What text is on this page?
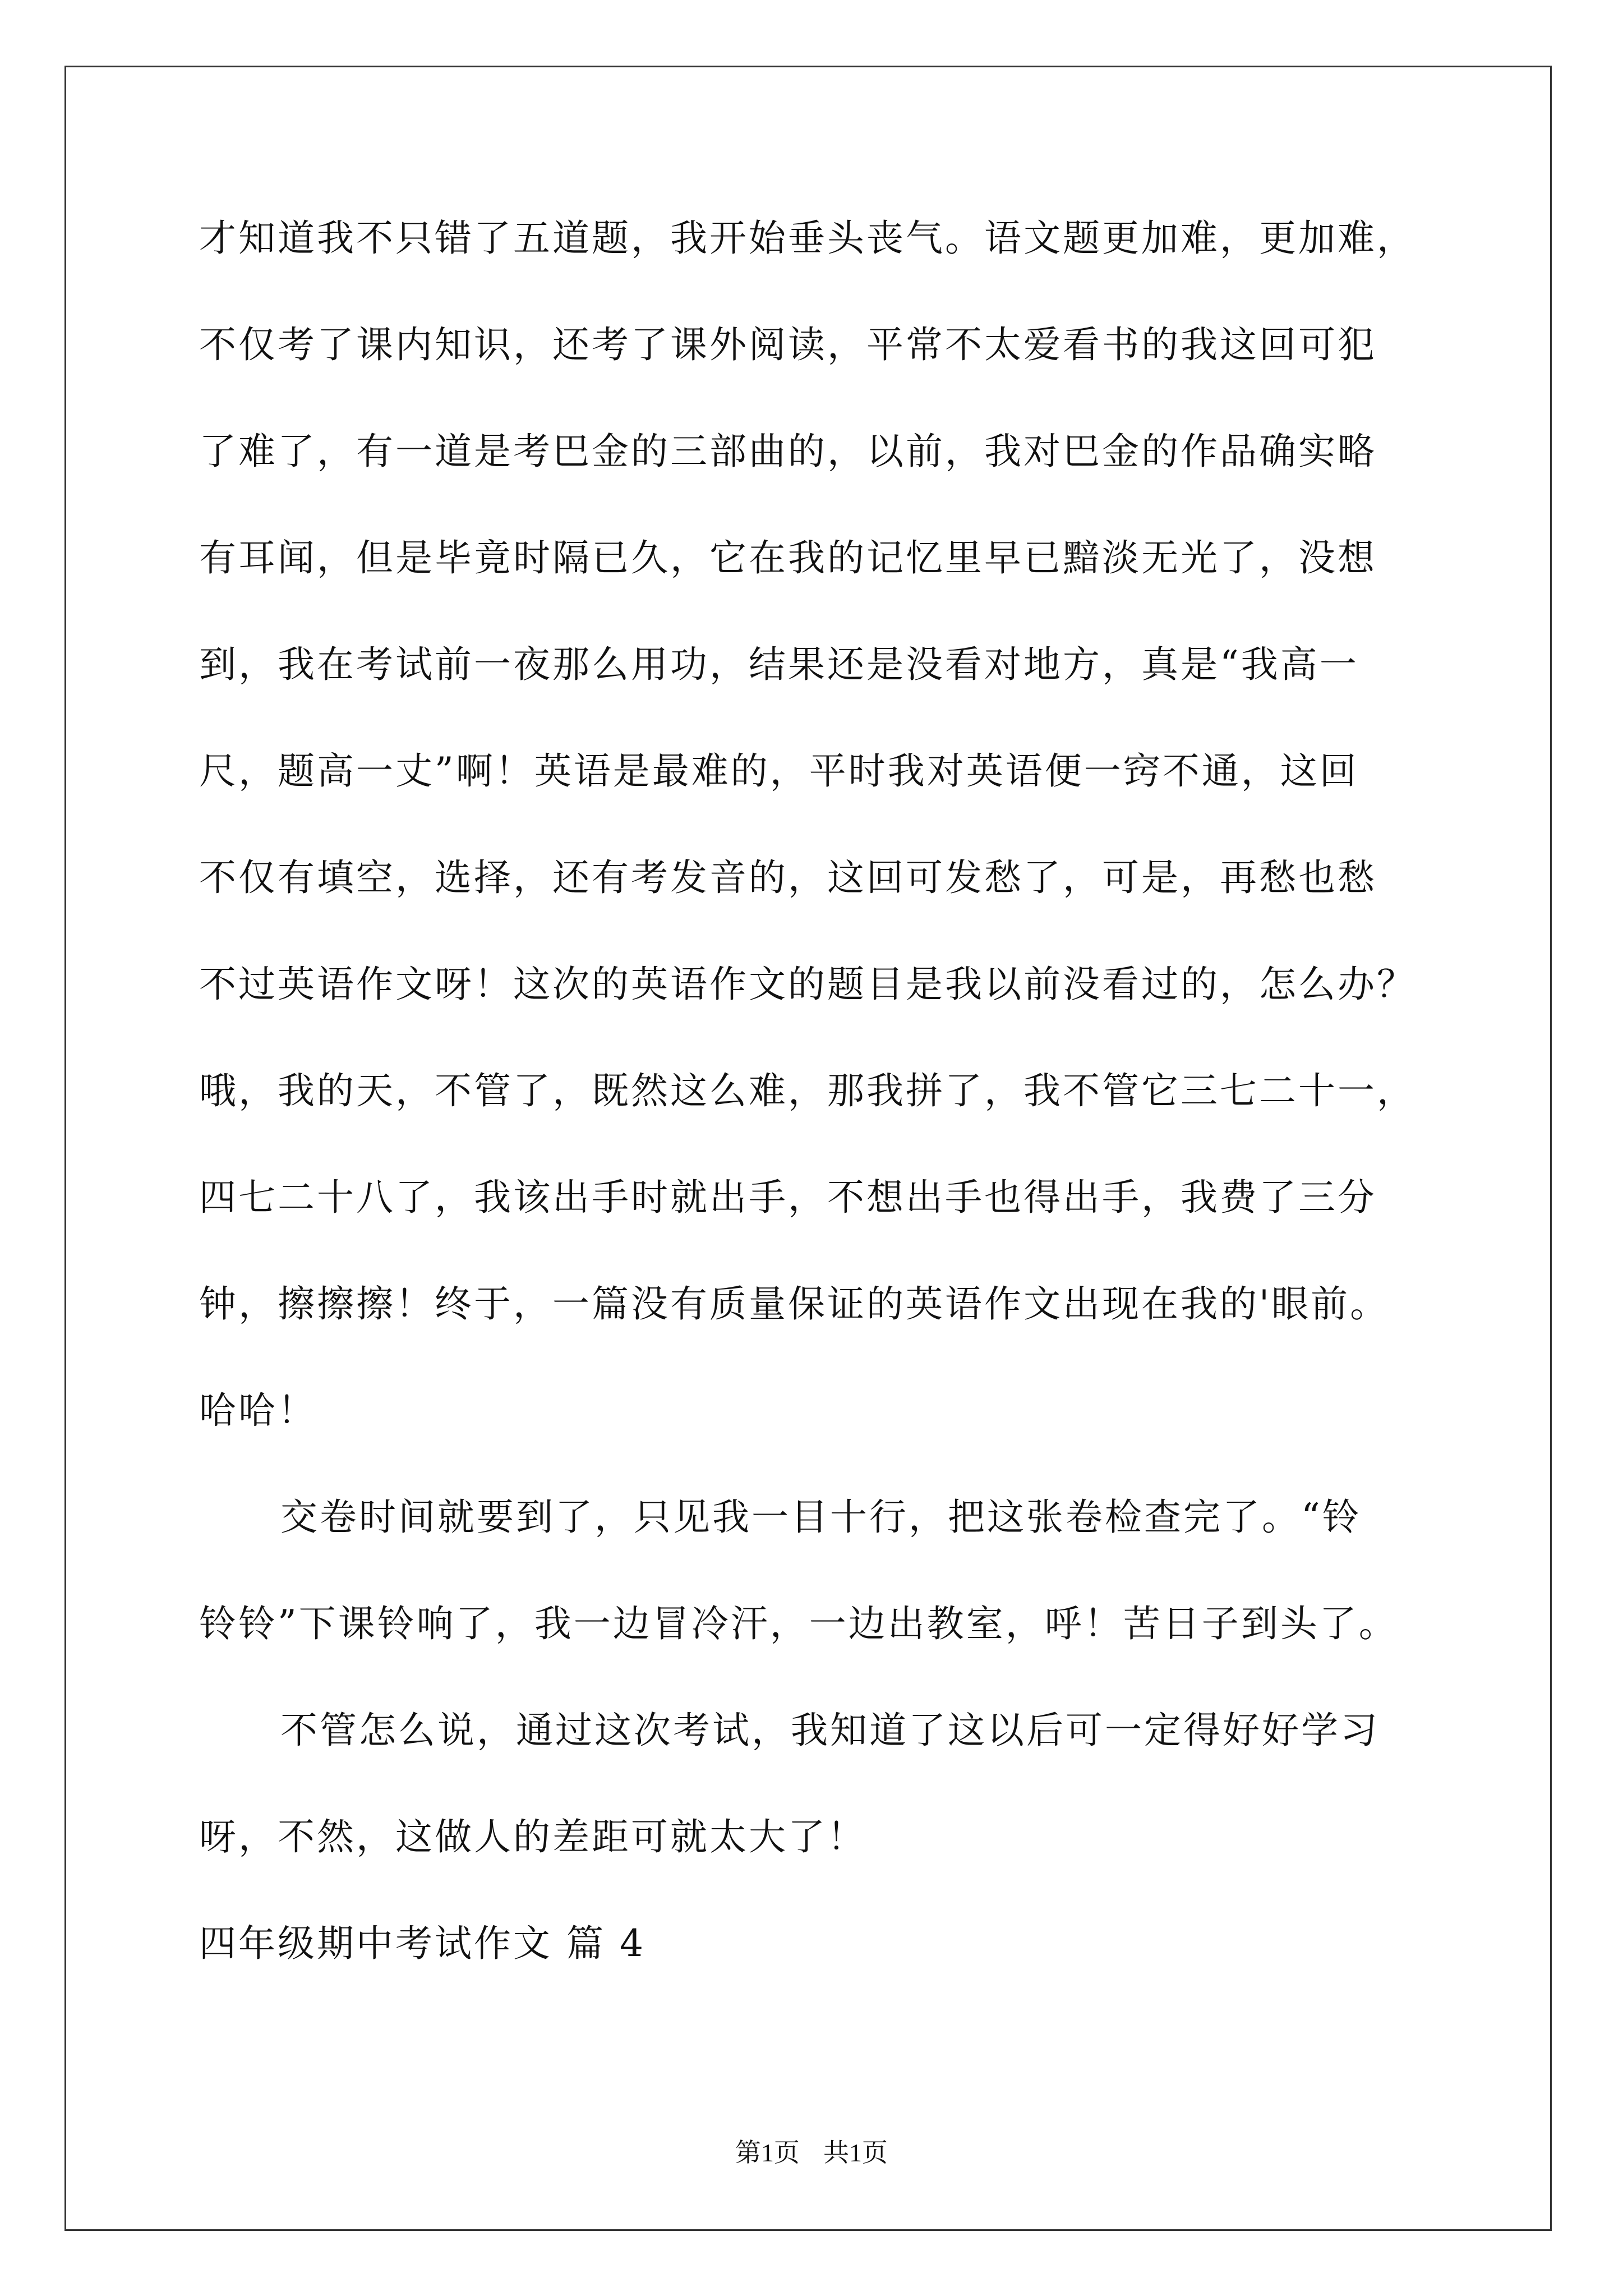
才知道我不只错了五道题，我开始垂头丧气。语文题更加难，更加难，
不仅考了课内知识，还考了课外阅读，平常不太爱看书的我这回可犯
了难了，有一道是考巴金的三部曲的，以前，我对巴金的作品确实略
有耳闻，但是毕竟时隔已久，它在我的记忆里早已黯淡无光了，没想
到，我在考试前一夜那么用功，结果还是没看对地方，真是“我高一
尺，题高一丈”啊！英语是最难的，平时我对英语便一窍不通，这回
不仅有填空，选择，还有考发音的，这回可发愁了，可是，再愁也愁
不过英语作文呀！这次的英语作文的题目是我以前没看过的，怎么办？
哦，我的天，不管了，既然这么难，那我拼了，我不管它三七二十一，
四七二十八了，我该出手时就出手，不想出手也得出手，我费了三分
钟，擦擦擦！终于，一篇没有质量保证的英语作文出现在我的'眼前。
哈哈！
交卷时间就要到了，只见我一目十行，把这张卷检查完了。“铃
铃铃”下课铃响了，我一边冒冷汗，一边出教室，呼！苦日子到头了。
不管怎么说，通过这次考试，我知道了这以后可一定得好好学习
呀，不然，这做人的差距可就太大了！
四年级期中考试作文 篇 4
第1页 共1页
